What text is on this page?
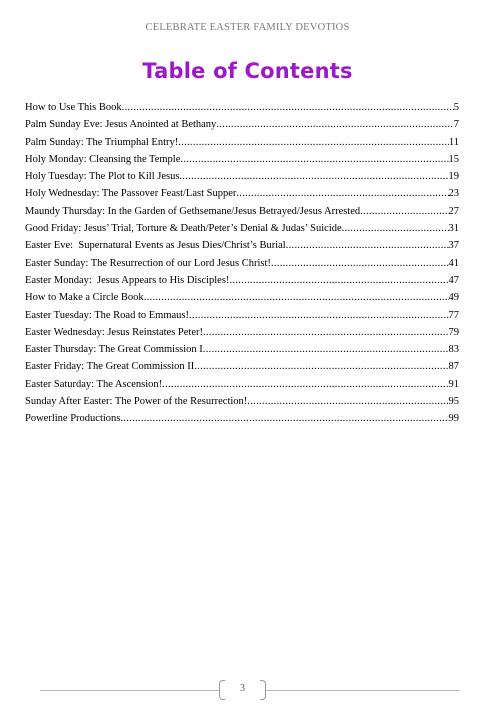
CELEBRATE EASTER FAMILY DEVOTIOS
Table of Contents
How to Use This Book .....	5
Palm Sunday Eve: Jesus Anointed at Bethany .....	7
Palm Sunday: The Triumphal Entry! .....	11
Holy Monday: Cleansing the Temple .....	15
Holy Tuesday: The Plot to Kill Jesus .....	19
Holy Wednesday: The Passover Feast/Last Supper .....	23
Maundy Thursday: In the Garden of Gethsemane/Jesus Betrayed/Jesus Arrested .....	27
Good Friday: Jesus’ Trial, Torture & Death/Peter’s Denial & Judas’ Suicide .....	31
Easter Eve:  Supernatural Events as Jesus Dies/Christ’s Burial .....	37
Easter Sunday: The Resurrection of our Lord Jesus Christ! .....	41
Easter Monday:  Jesus Appears to His Disciples! .....	47
How to Make a Circle Book .....	49
Easter Tuesday: The Road to Emmaus! .....	77
Easter Wednesday: Jesus Reinstates Peter! .....	79
Easter Thursday: The Great Commission I .....	83
Easter Friday: The Great Commission II .....	87
Easter Saturday: The Ascension! .....	91
Sunday After Easter: The Power of the Resurrection! .....	95
Powerline Productions .....	99
3
